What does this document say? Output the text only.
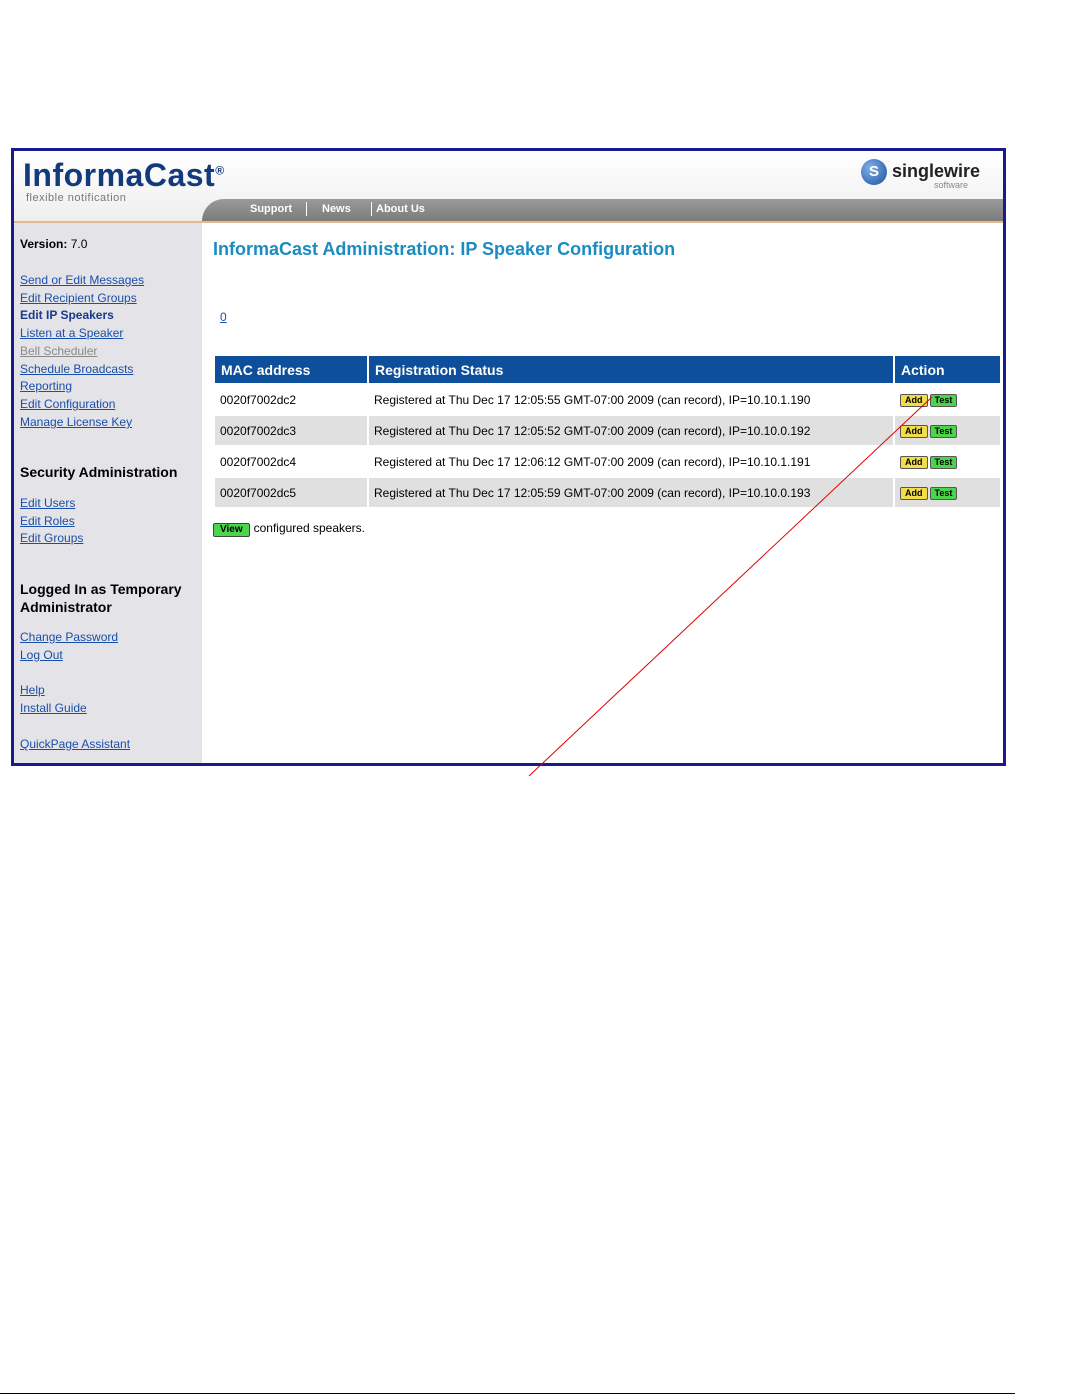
InformaCast®
flexible notification
S singlewire
software
Support	News About Us
Version: 7.0
Send or Edit Messages
Edit Recipient Groups
Edit IP Speakers
Listen at a Speaker
Bell Scheduler
Schedule Broadcasts
Reporting
Edit Configuration
Manage License Key
Security Administration
Edit Users
Edit Roles
Edit Groups
Logged In as Temporary Administrator
Change Password
Log Out
Help
Install Guide
QuickPage Assistant
InformaCast Administration: IP Speaker Configuration
0
MAC address	Registration Status	Action
0020f7002dc2	Registered at Thu Dec 17 12:05:55 GMT-07:00 2009 (can record), IP=10.10.1.190	Add Test
0020f7002dc3	Registered at Thu Dec 17 12:05:52 GMT-07:00 2009 (can record), IP=10.10.0.192	Add Test
0020f7002dc4	Registered at Thu Dec 17 12:06:12 GMT-07:00 2009 (can record), IP=10.10.1.191	Add Test
0020f7002dc5	Registered at Thu Dec 17 12:05:59 GMT-07:00 2009 (can record), IP=10.10.0.193	Add Test
View configured speakers.
